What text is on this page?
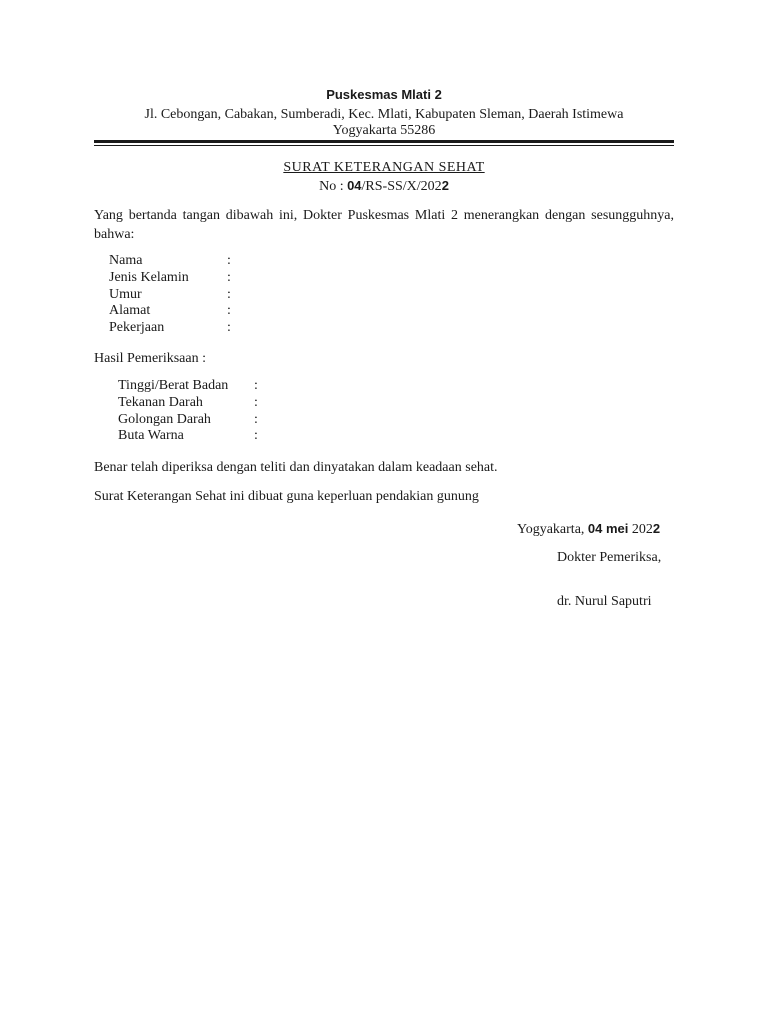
Puskesmas Mlati 2
Jl. Cebongan, Cabakan, Sumberadi, Kec. Mlati, Kabupaten Sleman, Daerah Istimewa
Yogyakarta 55286
SURAT KETERANGAN SEHAT
No : 04/RS-SS/X/2022
Yang bertanda tangan dibawah ini, Dokter Puskesmas Mlati 2 menerangkan dengan sesungguhnya, bahwa:
Nama	:
Jenis Kelamin	:
Umur	:
Alamat	:
Pekerjaan	:
Hasil Pemeriksaan :
Tinggi/Berat Badan	:
Tekanan Darah	:
Golongan Darah	:
Buta Warna	:
Benar telah diperiksa dengan teliti dan dinyatakan dalam keadaan sehat.
Surat Keterangan Sehat ini dibuat guna keperluan pendakian gunung
Yogyakarta, 04 mei 2022
Dokter Pemeriksa,
dr. Nurul Saputri
